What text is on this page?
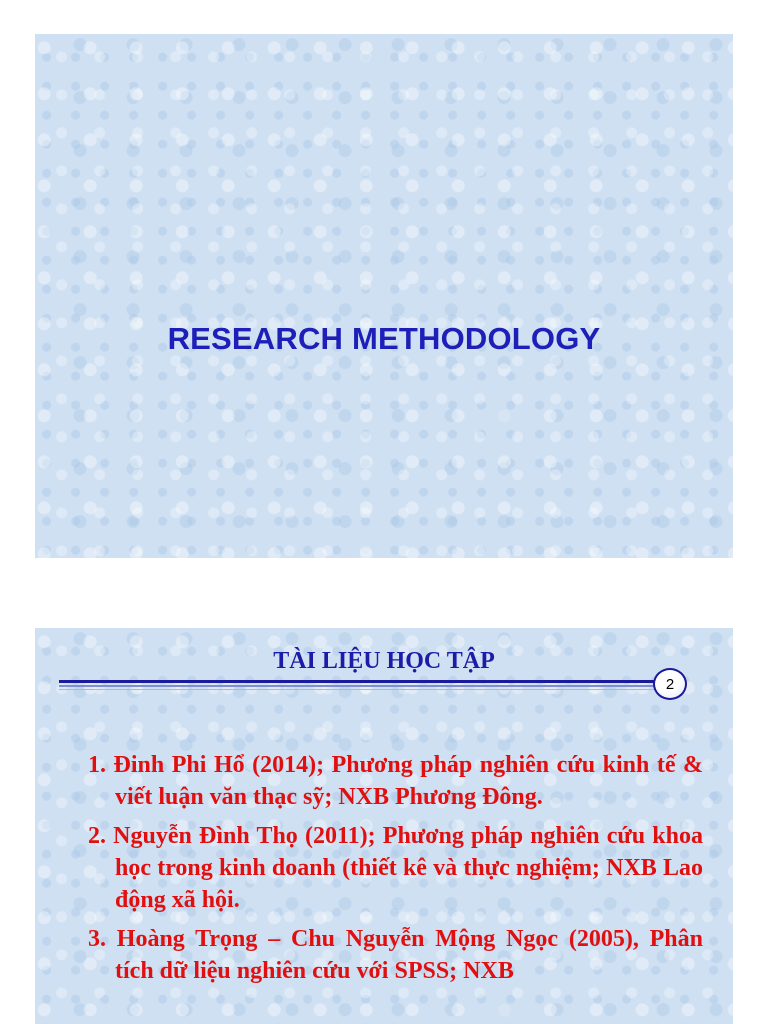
RESEARCH METHODOLOGY
TÀI LIỆU HỌC TẬP
2
1. Đinh Phi Hổ (2014); Phương pháp nghiên cứu kinh tế & viết luận văn thạc sỹ; NXB Phương Đông.
2. Nguyễn Đình Thọ (2011); Phương pháp nghiên cứu khoa học trong kinh doanh (thiết kê và thực nghiệm; NXB Lao động xã hội.
3. Hoàng Trọng – Chu Nguyễn Mộng Ngọc (2005), Phân tích dữ liệu nghiên cứu với SPSS; NXB
